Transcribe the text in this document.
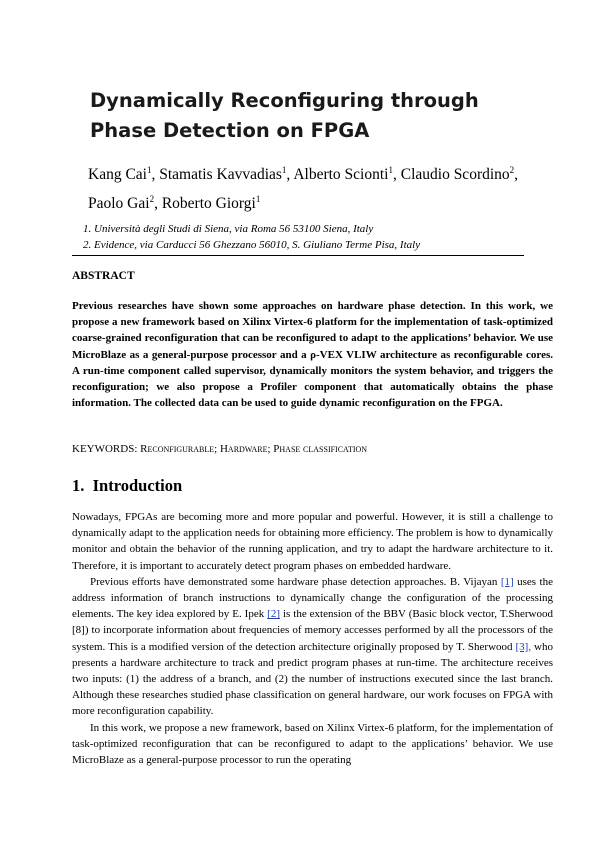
Dynamically Reconfiguring through Phase Detection on FPGA

Kang Cai$^1$, Stamatis Kavvadias$^1$, Alberto Scionti$^1$, Claudio Scordino$^2$,
Paolo Gai$^2$, Roberto Giorgi$^1$

1. Università degli Studi di Siena, via Roma 56 53100 Siena, Italy

2. Evidence, via Carducci 56 Ghezzano 56010, S. Giuliano Terme Pisa, Italy

ABSTRACT

Previous researches have shown some approaches on hardware phase detection. In this work, we propose a new framework based on Xilinx Virtex-6 platform for the implementation of task-optimized coarse-grained reconfiguration that can be reconfigured to adapt to the applications’ behavior. We use MicroBlaze as a general-purpose processor and a ρ-VEX VLIW architecture as reconfigurable cores. A run-time component called supervisor, dynamically monitors the system behavior, and triggers the reconfiguration; we also propose a Profiler component that automatically obtains the phase information. The collected data can be used to guide dynamic reconfiguration on the FPGA.

KEYWORDS: Reconfigurable; Hardware; Phase classification

1. Introduction

Nowadays, FPGAs are becoming more and more popular and powerful. However, it is still a challenge to dynamically adapt to the application needs for obtaining more efficiency. The problem is how to dynamically monitor and obtain the behavior of the running application, and try to adapt the hardware architecture to it. Therefore, it is important to accurately detect program phases on embedded hardware.

Previous efforts have demonstrated some hardware phase detection approaches. B. Vijayan [1] uses the address information of branch instructions to dynamically change the configuration of the processing elements. The key idea explored by E. Ipek [2] is the extension of the BBV (Basic block vector, T.Sherwood [8]) to incorporate information about frequencies of memory accesses performed by all the processors of the system. This is a modified version of the detection architecture originally proposed by T. Sherwood [3], who presents a hardware architecture to track and predict program phases at run-time. The architecture receives two inputs: (1) the address of a branch, and (2) the number of instructions executed since the last branch. Although these researches studied phase classification on general hardware, our work focuses on FPGA with more reconfiguration capability.

In this work, we propose a new framework, based on Xilinx Virtex-6 platform, for the implementation of task-optimized reconfiguration that can be reconfigured to adapt to the applications’ behavior. We use MicroBlaze as a general-purpose processor to run the operating
